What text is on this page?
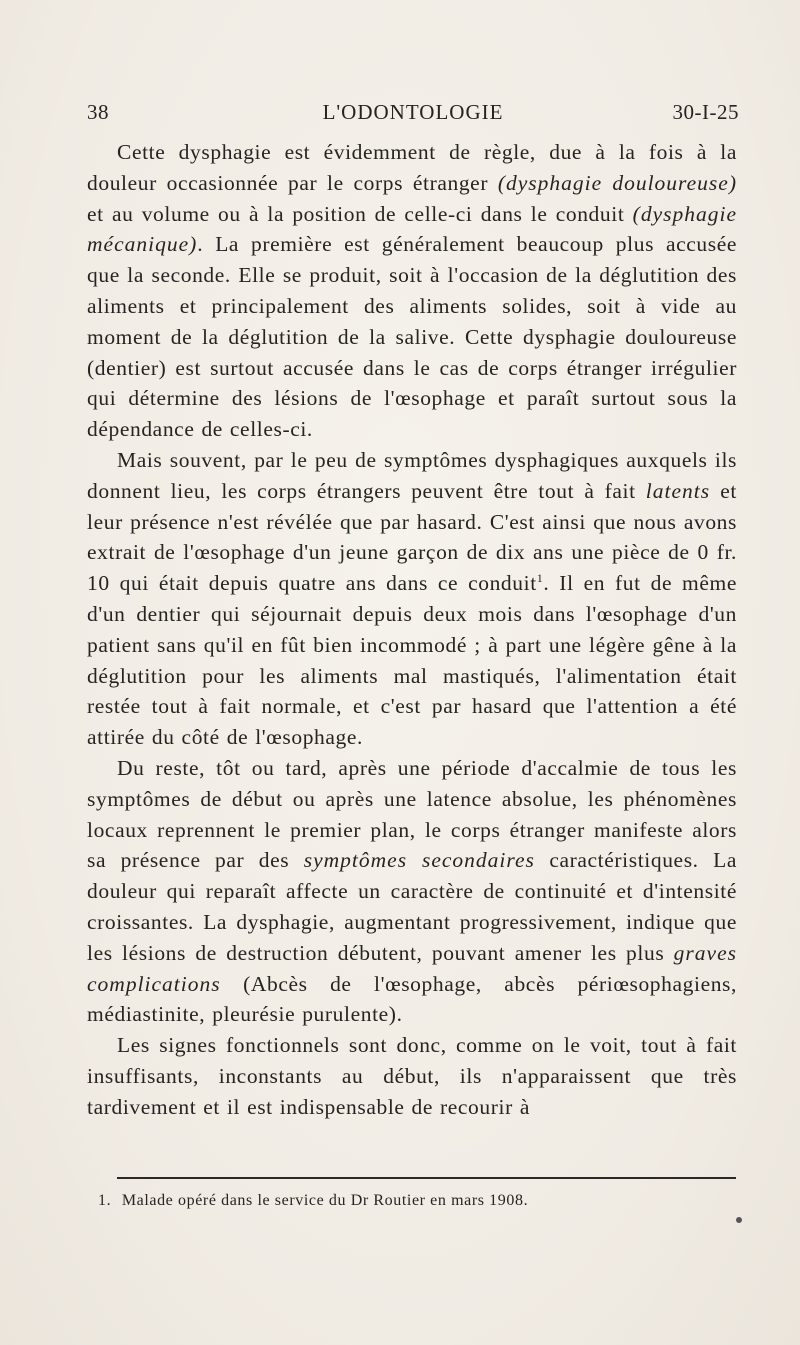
38	L'ODONTOLOGIE	30-I-25

Cette dysphagie est évidemment de règle, due à la fois à la douleur occasionnée par le corps étranger (dysphagie douloureuse) et au volume ou à la position de celle-ci dans le conduit (dysphagie mécanique). La première est généralement beaucoup plus accusée que la seconde. Elle se produit, soit à l'occasion de la déglutition des aliments et principalement des aliments solides, soit à vide au moment de la déglutition de la salive. Cette dysphagie douloureuse (dentier) est surtout accusée dans le cas de corps étranger irrégulier qui détermine des lésions de l'œsophage et paraît surtout sous la dépendance de celles-ci.

Mais souvent, par le peu de symptômes dysphagiques auxquels ils donnent lieu, les corps étrangers peuvent être tout à fait latents et leur présence n'est révélée que par hasard. C'est ainsi que nous avons extrait de l'œsophage d'un jeune garçon de dix ans une pièce de 0 fr. 10 qui était depuis quatre ans dans ce conduit$^1$. Il en fut de même d'un dentier qui séjournait depuis deux mois dans l'œsophage d'un patient sans qu'il en fût bien incommodé ; à part une légère gêne à la déglutition pour les aliments mal mastiqués, l'alimentation était restée tout à fait normale, et c'est par hasard que l'attention a été attirée du côté de l'œsophage.

Du reste, tôt ou tard, après une période d'accalmie de tous les symptômes de début ou après une latence absolue, les phénomènes locaux reprennent le premier plan, le corps étranger manifeste alors sa présence par des symptômes secondaires caractéristiques. La douleur qui reparaît affecte un caractère de continuité et d'intensité croissantes. La dysphagie, augmentant progressivement, indique que les lésions de destruction débutent, pouvant amener les plus graves complications (Abcès de l'œsophage, abcès périœsophagiens, médiastinite, pleurésie purulente).

Les signes fonctionnels sont donc, comme on le voit, tout à fait insuffisants, inconstants au début, ils n'apparaissent que très tardivement et il est indispensable de recourir à

1. Malade opéré dans le service du Dr Routier en mars 1908.
